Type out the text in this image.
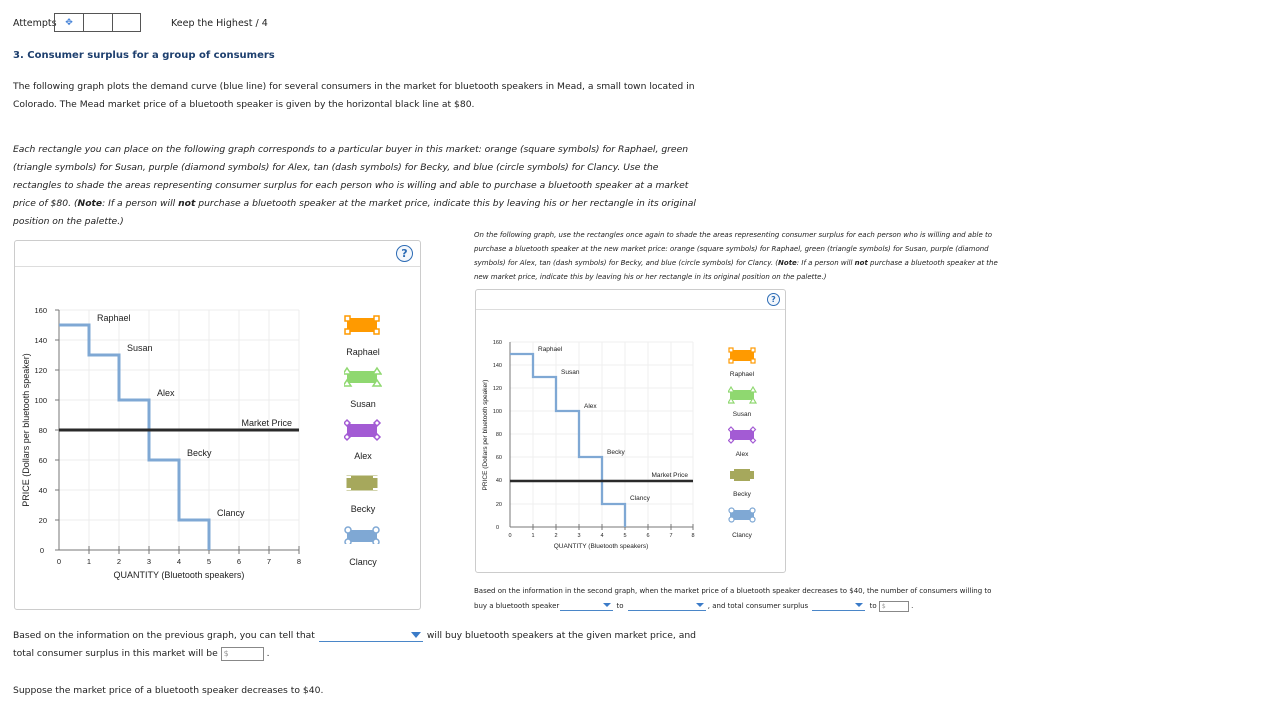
Attempts ✥	Keep the Highest / 4
3. Consumer surplus for a group of consumers
The following graph plots the demand curve (blue line) for several consumers in the market for bluetooth speakers in Mead, a small town located in Colorado. The Mead market price of a bluetooth speaker is given by the horizontal black line at $80.
Each rectangle you can place on the following graph corresponds to a particular buyer in this market: orange (square symbols) for Raphael, green (triangle symbols) for Susan, purple (diamond symbols) for Alex, tan (dash symbols) for Becky, and blue (circle symbols) for Clancy. Use the rectangles to shade the areas representing consumer surplus for each person who is willing and able to purchase a bluetooth speaker at a market price of $80. (Note: If a person will not purchase a bluetooth speaker at the market price, indicate this by leaving his or her rectangle in its original position on the palette.)
On the following graph, use the rectangles once again to shade the areas representing consumer surplus for each person who is willing and able to purchase a bluetooth speaker at the new market price: orange (square symbols) for Raphael, green (triangle symbols) for Susan, purple (diamond symbols) for Alex, tan (dash symbols) for Becky, and blue (circle symbols) for Clancy. (Note: If a person will not purchase a bluetooth speaker at the new market price, indicate this by leaving his or her rectangle in its original position on the palette.)
?
160
140
120
100
80
60
40
20
0
0	1	2	3	4	5	6	7	8
QUANTITY (Bluetooth speakers)
PRICE (Dollars per bluetooth speaker)
Raphael
Susan
Alex
Becky
Clancy
Market Price
Raphael
Susan
Alex
Becky
Clancy
?
160
140
120
100
80
60
40
20
0
0	1	2	3	4	5	6	7	8
QUANTITY (Bluetooth speakers)
PRICE (Dollars per bluetooth speaker)
Raphael
Susan
Alex
Becky
Clancy
Market Price
Raphael
Susan
Alex
Becky
Clancy
Based on the information in the second graph, when the market price of a bluetooth speaker decreases to $40, the number of consumers willing to
buy a bluetooth speaker	to	, and total consumer surplus	to $	.
Based on the information on the previous graph, you can tell that	will buy bluetooth speakers at the given market price, and
total consumer surplus in this market will be $	.
Suppose the market price of a bluetooth speaker decreases to $40.
